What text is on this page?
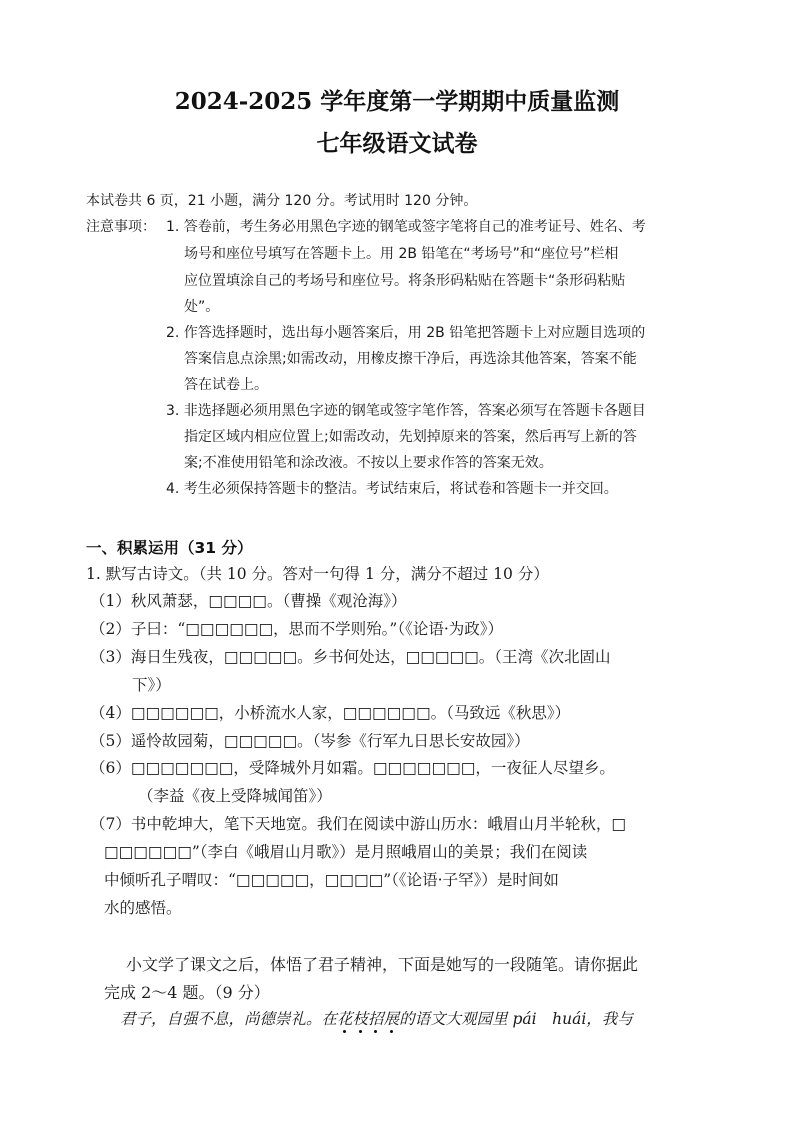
2024-2025 学年度第一学期期中质量监测
七年级语文试卷
本试卷共 6 页，21 小题，满分 120 分。考试用时 120 分钟。
注意事项： 1. 答卷前，考生务必用黑色字迹的钢笔或签字笔将自己的准考证号、姓名、考
场号和座位号填写在答题卡上。用 2B 铅笔在“考场号”和“座位号”栏相
应位置填涂自己的考场号和座位号。将条形码粘贴在答题卡“条形码粘贴
处”。
2. 作答选择题时，选出每小题答案后，用 2B 铅笔把答题卡上对应题目选项的
答案信息点涂黑;如需改动，用橡皮擦干净后，再选涂其他答案，答案不能
答在试卷上。
3. 非选择题必须用黑色字迹的钢笔或签字笔作答，答案必须写在答题卡各题目
指定区域内相应位置上;如需改动，先划掉原来的答案，然后再写上新的答
案;不准使用铅笔和涂改液。不按以上要求作答的答案无效。
4. 考生必须保持答题卡的整洁。考试结束后，将试卷和答题卡一并交回。
一、积累运用（31 分）
1. 默写古诗文。（共 10 分。答对一句得 1 分，满分不超过 10 分）
（1）秋风萧瑟，□□□□。（曹操《观沧海》）
（2）子曰：“□□□□□□，思而不学则殆。”（《论语·为政》）
（3）海日生残夜，□□□□□。乡书何处达，□□□□□。（王湾《次北固山
下》）
（4）□□□□□□，小桥流水人家，□□□□□□。（马致远《秋思》）
（5）遥怜故园菊，□□□□□。（岑参《行军九日思长安故园》）
（6）□□□□□□□，受降城外月如霜。□□□□□□□，一夜征人尽望乡。
（李益《夜上受降城闻笛》）
（7）书中乾坤大，笔下天地宽。我们在阅读中游山历水：峨眉山月半轮秋，□
□□□□□□”（李白《峨眉山月歌》）是月照峨眉山的美景；我们在阅读
中倾听孔子喟叹：“□□□□□，□□□□”（《论语·子罕》）是时间如
水的感悟。
小文学了课文之后，体悟了君子精神，下面是她写的一段随笔。请你据此
完成 2～4 题。（9 分）
君子，自强不息，尚德崇礼。在花枝招展的语文大观园里 pái　huái，我与
